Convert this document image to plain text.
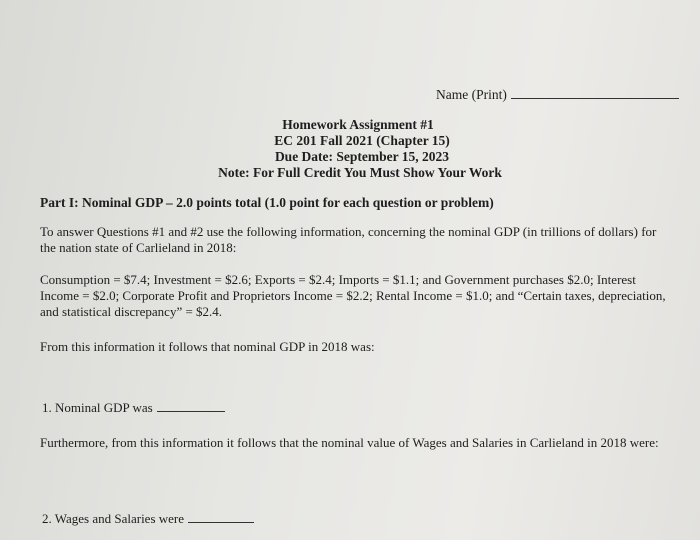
Name (Print)
Homework Assignment #1
EC 201 Fall 2021 (Chapter 15)
Due Date: September 15, 2023
Note: For Full Credit You Must Show Your Work
Part I: Nominal GDP – 2.0 points total (1.0 point for each question or problem)
To answer Questions #1 and #2 use the following information, concerning the nominal GDP (in trillions of dollars) for the nation state of Carlieland in 2018:
Consumption = $7.4; Investment = $2.6; Exports = $2.4; Imports = $1.1; and Government purchases $2.0; Interest Income = $2.0; Corporate Profit and Proprietors Income = $2.2; Rental Income = $1.0; and “Certain taxes, depreciation, and statistical discrepancy” = $2.4.
From this information it follows that nominal GDP in 2018 was:
1. Nominal GDP was
Furthermore, from this information it follows that the nominal value of Wages and Salaries in Carlieland in 2018 were:
2. Wages and Salaries were
